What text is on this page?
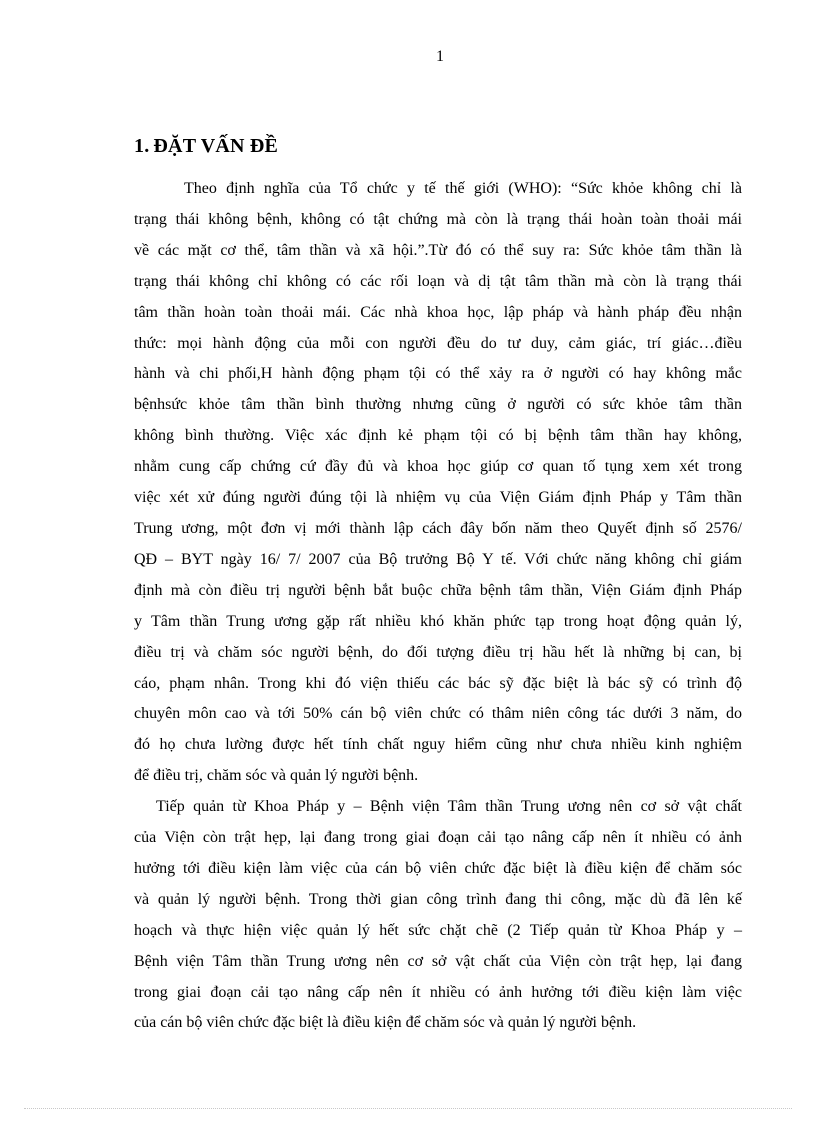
1
1. ĐẶT VẤN ĐỀ

Theo định nghĩa của Tổ chức y tế thế giới (WHO): “Sức khỏe không chỉ là
trạng thái không bệnh, không có tật chứng mà còn là trạng thái hoàn toàn thoải mái
về các mặt cơ thể, tâm thần và xã hội.”.Từ đó có thể suy ra: Sức khỏe tâm thần là
trạng thái không chỉ không có các rối loạn và dị tật tâm thần mà còn là trạng thái
tâm thần hoàn toàn thoải mái. Các nhà khoa học, lập pháp và hành pháp đều nhận
thức: mọi hành động của mỗi con người đều do tư duy, cảm giác, trí giác…điều
hành và chi phối,H hành động phạm tội có thể xảy ra ở người có hay không mắc
bệnhsức khỏe tâm thần bình thường nhưng cũng ở người có sức khỏe tâm thần
không bình thường. Việc xác định kẻ phạm tội có bị bệnh tâm thần hay không,
nhằm cung cấp chứng cứ đầy đủ và khoa học giúp cơ quan tố tụng xem xét trong
việc xét xử đúng người đúng tội là nhiệm vụ của Viện Giám định Pháp y Tâm thần
Trung ương, một đơn vị mới thành lập cách đây bốn năm theo Quyết định số 2576/
QĐ – BYT ngày 16/ 7/ 2007 của Bộ trưởng Bộ Y tế. Với chức năng không chỉ giám
định mà còn điều trị người bệnh bắt buộc chữa bệnh tâm thần, Viện Giám định Pháp
y Tâm thần Trung ương gặp rất nhiều khó khăn phức tạp trong hoạt động quản lý,
điều trị và chăm sóc người bệnh, do đối tượng điều trị hầu hết là những bị can, bị
cáo, phạm nhân. Trong khi đó viện thiếu các bác sỹ đặc biệt là bác sỹ có trình độ
chuyên môn cao và tới 50% cán bộ viên chức có thâm niên công tác dưới 3 năm, do
đó họ chưa lường được hết tính chất nguy hiểm cũng như chưa nhiều kinh nghiệm
để điều trị, chăm sóc và quản lý người bệnh.

Tiếp quản từ Khoa Pháp y – Bệnh viện Tâm thần Trung ương nên cơ sở vật chất
của Viện còn trật hẹp, lại đang trong giai đoạn cải tạo nâng cấp nên ít nhiều có ảnh
hưởng tới điều kiện làm việc của cán bộ viên chức đặc biệt là điều kiện để chăm sóc
và quản lý người bệnh. Trong thời gian công trình đang thi công, mặc dù đã lên kế
hoạch và thực hiện việc quản lý hết sức chặt chẽ (2 Tiếp quản từ Khoa Pháp y –
Bệnh viện Tâm thần Trung ương nên cơ sở vật chất của Viện còn trật hẹp, lại đang
trong giai đoạn cải tạo nâng cấp nên ít nhiều có ảnh hưởng tới điều kiện làm việc
của cán bộ viên chức đặc biệt là điều kiện để chăm sóc và quản lý người bệnh.
